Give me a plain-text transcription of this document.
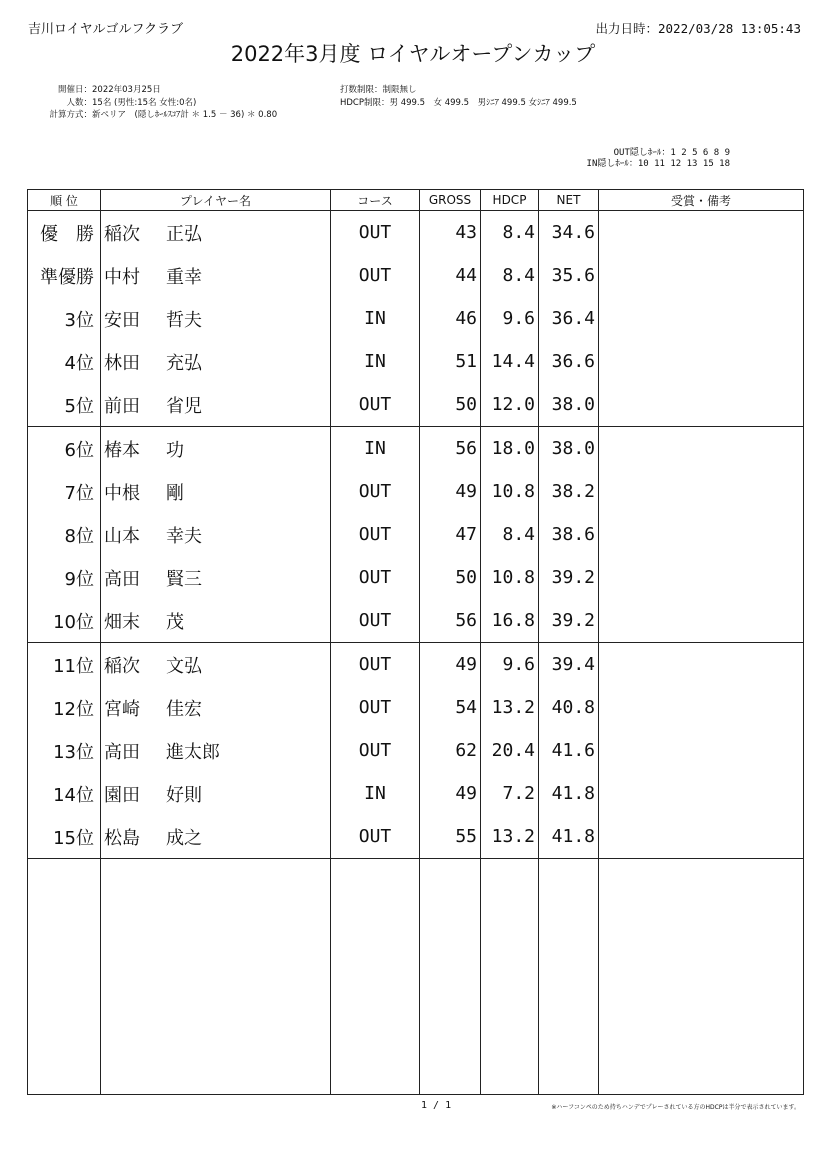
吉川ロイヤルゴルフクラブ	出力日時：2022/03/28 13:05:43
2022年3月度 ロイヤルオープンカップ
開催日：2022年03月25日
人数：15名 (男性:15名 女性:0名)
計算方式：新ペリア　(隠しﾎｰﾙｽｺｱ計 ＊ 1.5 － 36) ＊ 0.80
打数制限：制限無し
HDCP制限：男 499.5　女 499.5　男ｼﾆｱ 499.5 女ｼﾆｱ 499.5
OUT隠しﾎｰﾙ：1 2 5 6 8 9
IN隠しﾎｰﾙ：10 11 12 13 15 18
順 位	プレイヤー名	コース	GROSS	HDCP	NET	受賞・備考
優　勝	稲次 正弘	OUT	43	8.4	34.6	
準優勝	中村 重幸	OUT	44	8.4	35.6	
3位	安田 哲夫	IN	46	9.6	36.4	
4位	林田 充弘	IN	51	14.4	36.6	
5位	前田 省児	OUT	50	12.0	38.0	
6位	椿本 功	IN	56	18.0	38.0	
7位	中根 剛	OUT	49	10.8	38.2	
8位	山本 幸夫	OUT	47	8.4	38.6	
9位	高田 賢三	OUT	50	10.8	39.2	
10位	畑末 茂	OUT	56	16.8	39.2	
11位	稲次 文弘	OUT	49	9.6	39.4	
12位	宮崎 佳宏	OUT	54	13.2	40.8	
13位	高田 進太郎	OUT	62	20.4	41.6	
14位	園田 好則	IN	49	7.2	41.8	
15位	松島 成之	OUT	55	13.2	41.8	

1 / 1	※ハーフコンペのため持ちハンデでプレーされている方のHDCPは半分で表示されています。
